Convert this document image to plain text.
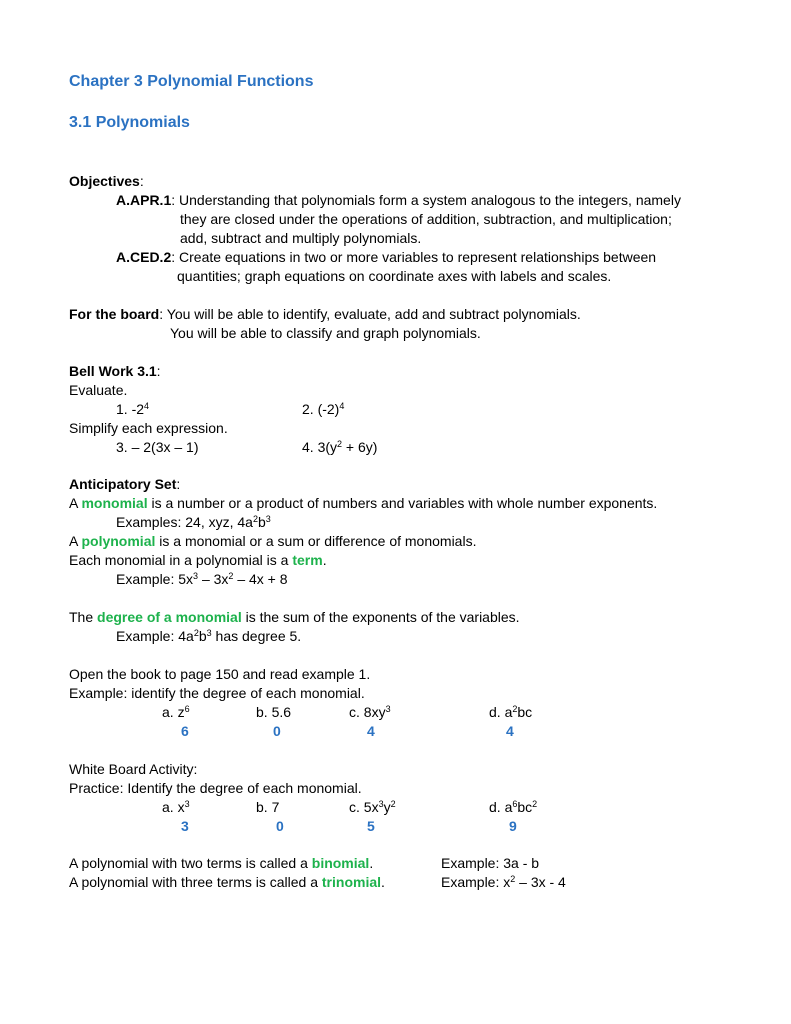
Chapter 3 Polynomial Functions
3.1 Polynomials
Objectives:
A.APR.1: Understanding that polynomials form a system analogous to the integers, namely
they are closed under the operations of addition, subtraction, and multiplication;
add, subtract and multiply polynomials.
A.CED.2: Create equations in two or more variables to represent relationships between
quantities; graph equations on coordinate axes with labels and scales.
For the board: You will be able to identify, evaluate, add and subtract polynomials.
You will be able to classify and graph polynomials.
Bell Work 3.1:
Evaluate.
1. $-2^4$	2. $(-2)^4$
Simplify each expression.
3. – 2(3x – 1)	4. $3(y^2 + 6y)$
Anticipatory Set:
A monomial is a number or a product of numbers and variables with whole number exponents.
Examples: 24, xyz, $4a^2b^3$
A polynomial is a monomial or a sum or difference of monomials.
Each monomial in a polynomial is a term.
Example: $5x^3 - 3x^2 - 4x + 8$
The degree of a monomial is the sum of the exponents of the variables.
Example: $4a^2b^3$ has degree 5.
Open the book to page 150 and read example 1.
Example: identify the degree of each monomial.
a. $z^6$	b. 5.6	c. $8xy^3$	d. $a^2bc$
6	0	4	4
White Board Activity:
Practice: Identify the degree of each monomial.
a. $x^3$	b. 7	c. $5x^3y^2$	d. $a^6bc^2$
3	0	5	9
A polynomial with two terms is called a binomial.	Example: 3a - b
A polynomial with three terms is called a trinomial.	Example: $x^2 - 3x - 4$
